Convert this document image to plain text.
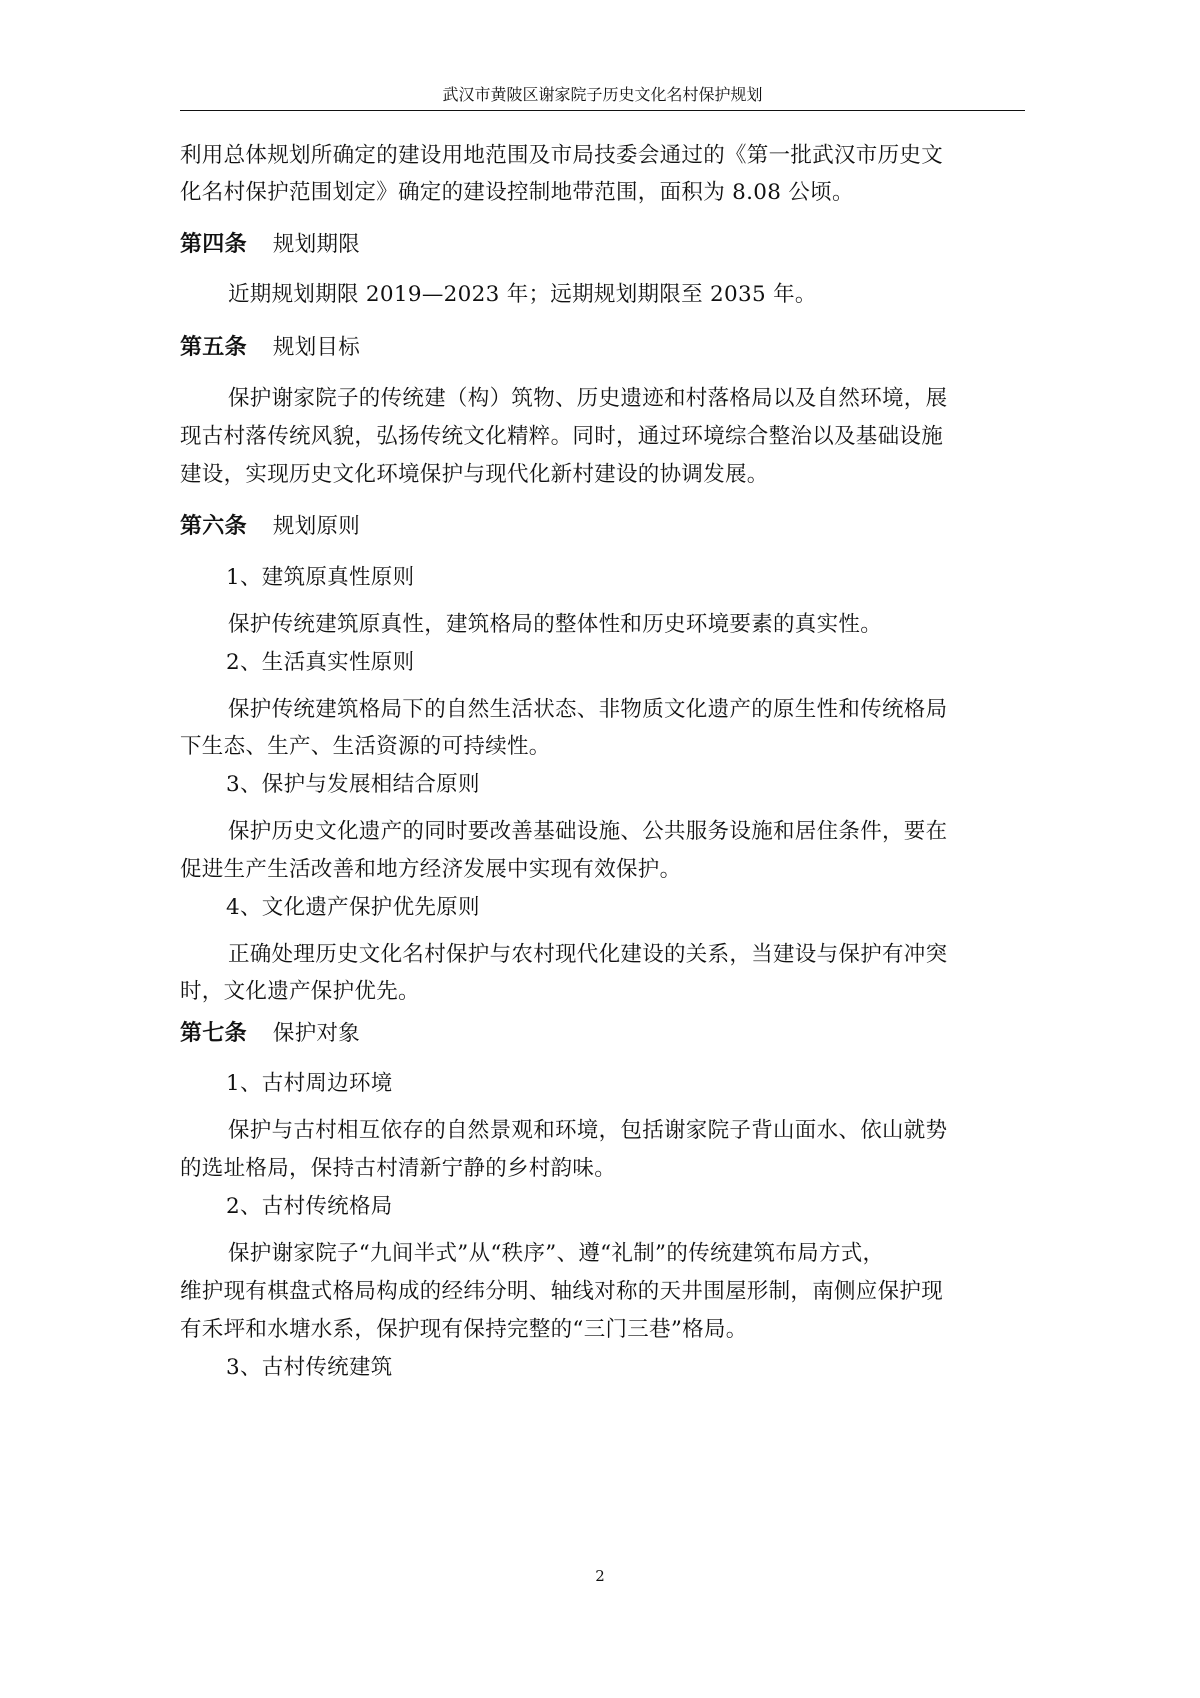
武汉市黄陂区谢家院子历史文化名村保护规划
利用总体规划所确定的建设用地范围及市局技委会通过的《第一批武汉市历史文
化名村保护范围划定》确定的建设控制地带范围，面积为 8.08 公顷。
第四条 规划期限
近期规划期限 2019—2023 年；远期规划期限至 2035 年。
第五条 规划目标
保护谢家院子的传统建（构）筑物、历史遗迹和村落格局以及自然环境，展
现古村落传统风貌，弘扬传统文化精粹。同时，通过环境综合整治以及基础设施
建设，实现历史文化环境保护与现代化新村建设的协调发展。
第六条 规划原则
1、建筑原真性原则
保护传统建筑原真性，建筑格局的整体性和历史环境要素的真实性。
2、生活真实性原则
保护传统建筑格局下的自然生活状态、非物质文化遗产的原生性和传统格局
下生态、生产、生活资源的可持续性。
3、保护与发展相结合原则
保护历史文化遗产的同时要改善基础设施、公共服务设施和居住条件，要在
促进生产生活改善和地方经济发展中实现有效保护。
4、文化遗产保护优先原则
正确处理历史文化名村保护与农村现代化建设的关系，当建设与保护有冲突
时，文化遗产保护优先。
第七条 保护对象
1、古村周边环境
保护与古村相互依存的自然景观和环境，包括谢家院子背山面水、依山就势
的选址格局，保持古村清新宁静的乡村韵味。
2、古村传统格局
保护谢家院子“九间半式”从“秩序”、遵“礼制”的传统建筑布局方式，
维护现有棋盘式格局构成的经纬分明、轴线对称的天井围屋形制，南侧应保护现
有禾坪和水塘水系，保护现有保持完整的“三门三巷”格局。
3、古村传统建筑
2
